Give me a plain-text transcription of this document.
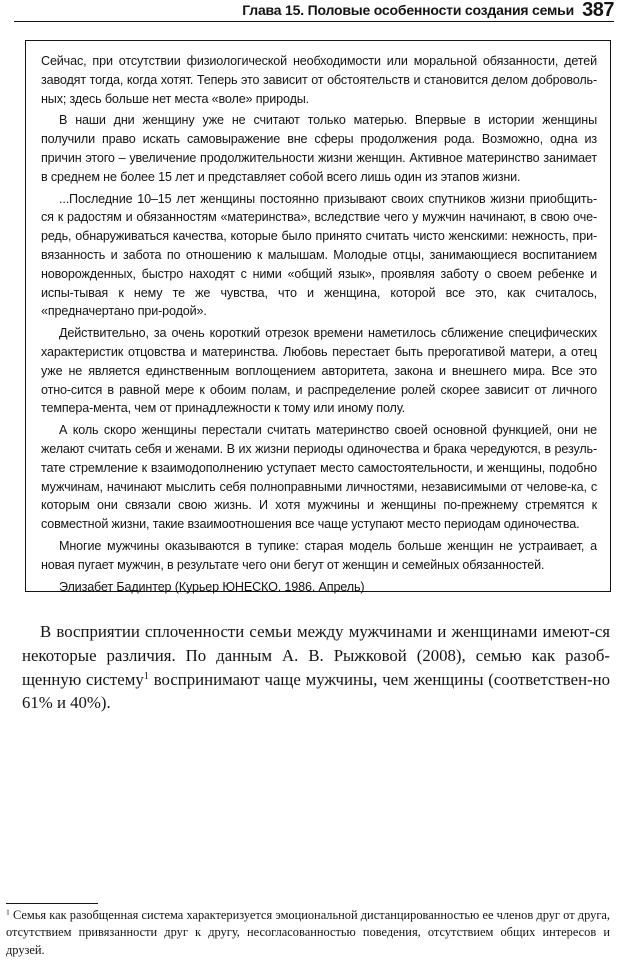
Глава 15. Половые особенности создания семьи 387

Сейчас, при отсутствии физиологической необходимости или моральной обязанности, детей заводят тогда, когда хотят. Теперь это зависит от обстоятельств и становится делом доброволь-ных; здесь больше нет места «воле» природы.

В наши дни женщину уже не считают только матерью. Впервые в истории женщины получили право искать самовыражение вне сферы продолжения рода. Возможно, одна из причин этого – увеличение продолжительности жизни женщин. Активное материнство занимает в среднем не более 15 лет и представляет собой всего лишь один из этапов жизни.

...Последние 10–15 лет женщины постоянно призывают своих спутников жизни приобщить-ся к радостям и обязанностям «материнства», вследствие чего у мужчин начинают, в свою оче-редь, обнаруживаться качества, которые было принято считать чисто женскими: нежность, при-вязанность и забота по отношению к малышам. Молодые отцы, занимающиеся воспитанием новорожденных, быстро находят с ними «общий язык», проявляя заботу о своем ребенке и испы-тывая к нему те же чувства, что и женщина, которой все это, как считалось, «предначертано при-родой».

Действительно, за очень короткий отрезок времени наметилось сближение специфических характеристик отцовства и материнства. Любовь перестает быть прерогативой матери, а отец уже не является единственным воплощением авторитета, закона и внешнего мира. Все это отно-сится в равной мере к обоим полам, и распределение ролей скорее зависит от личного темпера-мента, чем от принадлежности к тому или иному полу.

А коль скоро женщины перестали считать материнство своей основной функцией, они не желают считать себя и женами. В их жизни периоды одиночества и брака чередуются, в резуль-тате стремление к взаимодополнению уступает место самостоятельности, и женщины, подобно мужчинам, начинают мыслить себя полноправными личностями, независимыми от челове-ка, с которым они связали свою жизнь. И хотя мужчины и женщины по-прежнему стремятся к совместной жизни, такие взаимоотношения все чаще уступают место периодам одиночества.

Многие мужчины оказываются в тупике: старая модель больше женщин не устраивает, а новая пугает мужчин, в результате чего они бегут от женщин и семейных обязанностей.

Элизабет Бадинтер (Курьер ЮНЕСКО. 1986. Апрель)

В восприятии сплоченности семьи между мужчинами и женщинами имеют-ся некоторые различия. По данным А. В. Рыжковой (2008), семью как разоб-щенную систему$^1$ воспринимают чаще мужчины, чем женщины (соответствен-но 61% и 40%).

$^1$ Семья как разобщенная система характеризуется эмоциональной дистанцированностью ее членов друг от друга, отсутствием привязанности друг к другу, несогласованностью поведения, отсутствием общих интересов и друзей.
